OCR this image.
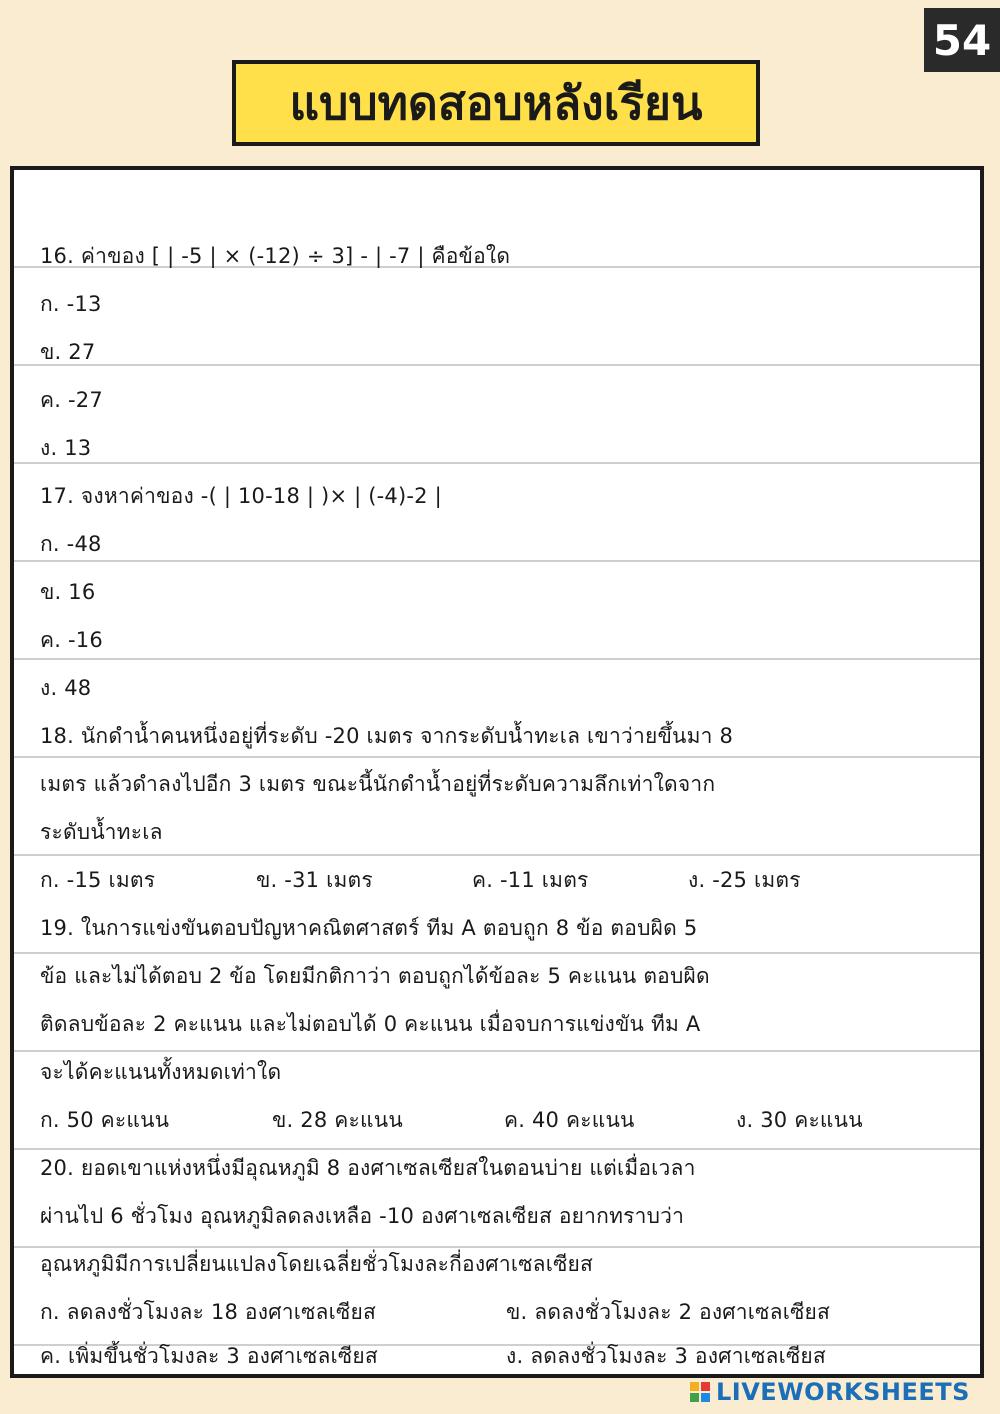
54
แบบทดสอบหลังเรียน
16. ค่าของ [ | -5 | × (-12) ÷ 3] - | -7 | คือข้อใด
ก. -13
ข. 27
ค. -27
ง. 13
17. จงหาค่าของ -( | 10-18 | )× | (-4)-2 |
ก. -48
ข. 16
ค. -16
ง. 48
18. นักดำน้ำคนหนึ่งอยู่ที่ระดับ -20 เมตร จากระดับน้ำทะเล เขาว่ายขึ้นมา 8
เมตร แล้วดำลงไปอีก 3 เมตร ขณะนี้นักดำน้ำอยู่ที่ระดับความลึกเท่าใดจาก
ระดับน้ำทะเล
ก. -15 เมตร	ข. -31 เมตร	ค. -11 เมตร	ง. -25 เมตร
19. ในการแข่งขันตอบปัญหาคณิตศาสตร์ ทีม A ตอบถูก 8 ข้อ ตอบผิด 5
ข้อ และไม่ได้ตอบ 2 ข้อ โดยมีกติกาว่า ตอบถูกได้ข้อละ 5 คะแนน ตอบผิด
ติดลบข้อละ 2 คะแนน และไม่ตอบได้ 0 คะแนน เมื่อจบการแข่งขัน ทีม A
จะได้คะแนนทั้งหมดเท่าใด
ก. 50 คะแนน	ข. 28 คะแนน	ค. 40 คะแนน	ง. 30 คะแนน
20. ยอดเขาแห่งหนึ่งมีอุณหภูมิ 8 องศาเซลเซียสในตอนบ่าย แต่เมื่อเวลา
ผ่านไป 6 ชั่วโมง อุณหภูมิลดลงเหลือ -10 องศาเซลเซียส อยากทราบว่า
อุณหภูมิมีการเปลี่ยนแปลงโดยเฉลี่ยชั่วโมงละกี่องศาเซลเซียส
ก. ลดลงชั่วโมงละ 18 องศาเซลเซียส	ข. ลดลงชั่วโมงละ 2 องศาเซลเซียส
ค. เพิ่มขึ้นชั่วโมงละ 3 องศาเซลเซียส	ง. ลดลงชั่วโมงละ 3 องศาเซลเซียส
LIVEWORKSHEETS
